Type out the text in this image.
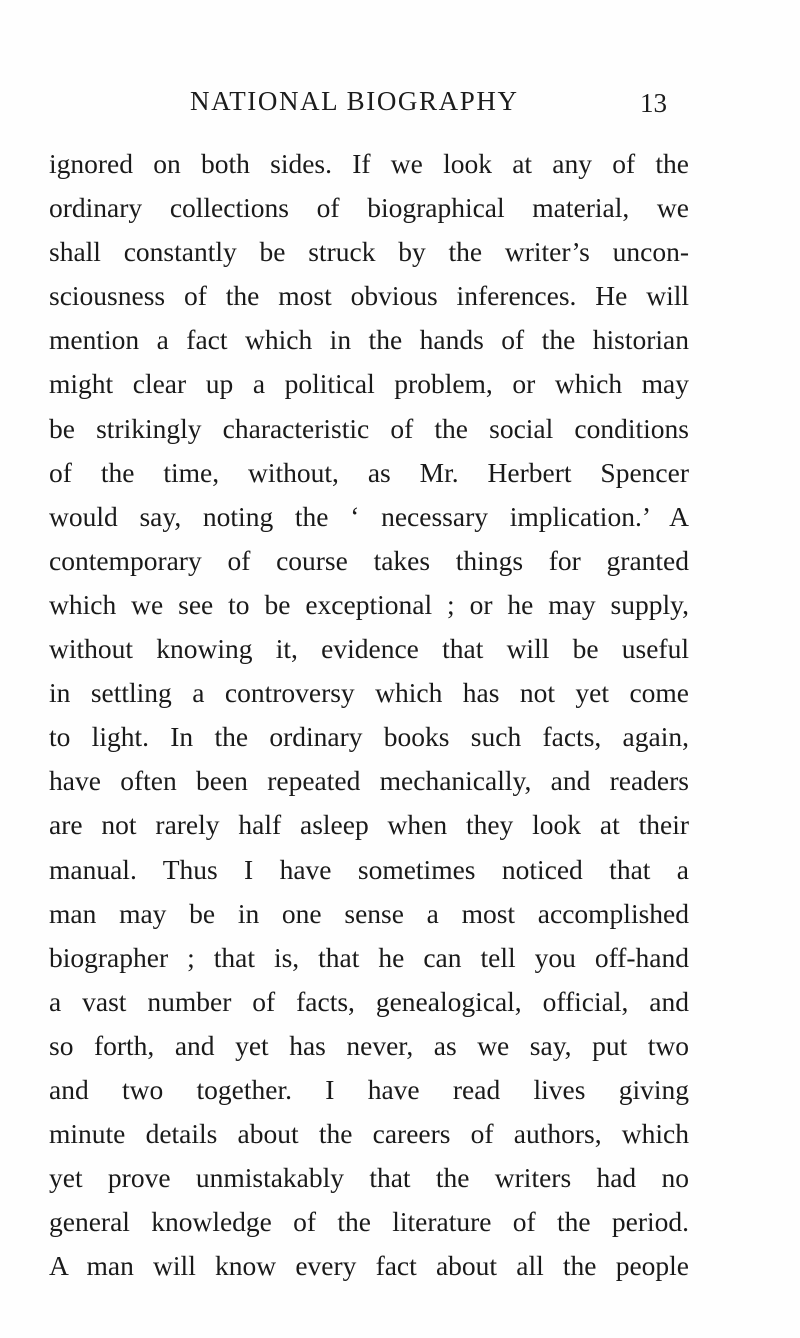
NATIONAL BIOGRAPHY	13
ignored on both sides. If we look at any of the
ordinary collections of biographical material, we
shall constantly be struck by the writer’s uncon-
sciousness of the most obvious inferences. He will
mention a fact which in the hands of the historian
might clear up a political problem, or which may
be strikingly characteristic of the social conditions
of the time, without, as Mr. Herbert Spencer
would say, noting the ‘ necessary implication.’ A
contemporary of course takes things for granted
which we see to be exceptional ; or he may supply,
without knowing it, evidence that will be useful
in settling a controversy which has not yet come
to light. In the ordinary books such facts, again,
have often been repeated mechanically, and readers
are not rarely half asleep when they look at their
manual. Thus I have sometimes noticed that a
man may be in one sense a most accomplished
biographer ; that is, that he can tell you off-hand
a vast number of facts, genealogical, official, and
so forth, and yet has never, as we say, put two
and two together. I have read lives giving
minute details about the careers of authors, which
yet prove unmistakably that the writers had no
general knowledge of the literature of the period.
A man will know every fact about all the people
